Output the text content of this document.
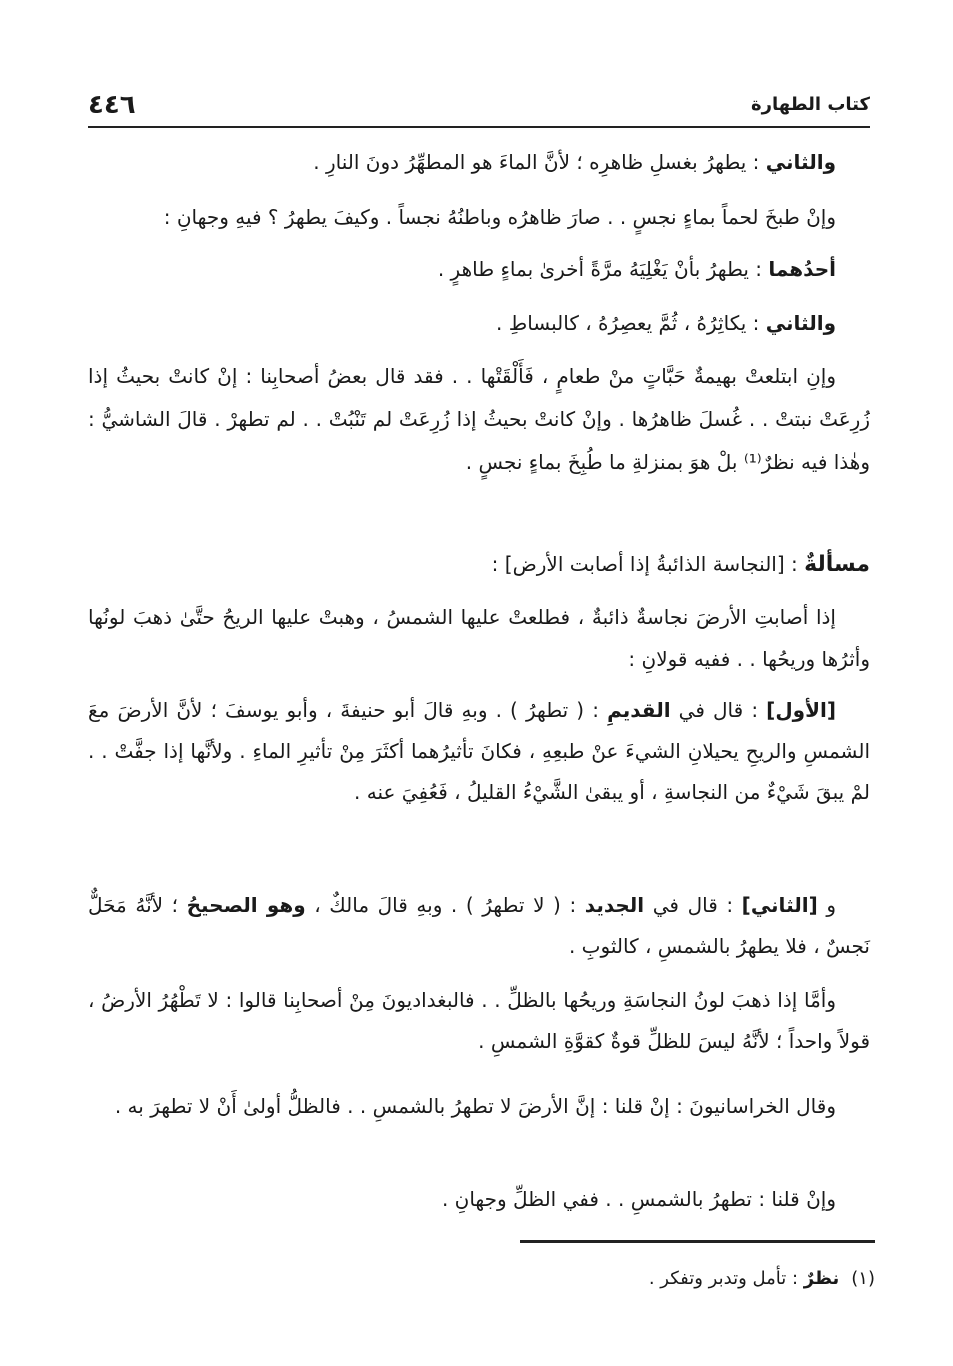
كتاب الطهارة
٤٤٦

والثاني : يطهرُ بغسلِ ظاهرِه ؛ لأنَّ الماءَ هو المطهِّرُ دونَ النارِ .

وإنْ طبخَ لحماً بماءٍ نجسٍ . . صارَ ظاهرُه وباطنُهُ نجساً . وكيفَ يطهرُ ؟ فيهِ وجهانِ :

أحدُهما : يطهرُ بأنْ يَغْلِيَهُ مرَّةً أخرىٰ بماءٍ طاهرٍ .

والثاني : يكاثِرُهُ ، ثُمَّ يعصِرُهُ ، كالبساطِ .

وإنِ ابتلعتْ بهيمةٌ حَبَّاتٍ منْ طعامٍ ، فَأَلْقَتْها . . فقد قال بعضُ أصحابِنا : إنْ كانتْ بحيثُ إذا زُرِعَتْ نبتتْ . . غُسلَ ظاهرُها . وإنْ كانتْ بحيثُ إذا زُرِعَتْ لم تَنْبُتْ . . لم تطهرْ . قالَ الشاشيُّ : وهٰذا فيه نظرٌ⁽¹⁾ بلْ هوَ بمنزلةِ ما طُبِخَ بماءٍ نجسٍ .

مسألةٌ : [النجاسة الذائبةُ إذا أصابت الأرض] :

إذا أصابتِ الأرضَ نجاسةٌ ذائبةٌ ، فطلعتْ عليها الشمسُ ، وهبتْ عليها الريحُ حتَّىٰ ذهبَ لونُها وأثرُها وريحُها . . ففيه قولانِ :

[الأول] : قال في القديمِ : ( تطهرُ ) . وبهِ قالَ أبو حنيفةَ ، وأبو يوسفَ ؛ لأنَّ الأرضَ معَ الشمسِ والريحِ يحيلانِ الشيءَ عنْ طبعِهِ ، فكانَ تأثيرُهما أكثَرَ مِنْ تأثيرِ الماءِ . ولأنَّها إذا جفَّتْ . . لمْ يبقَ شَيْءٌ من النجاسةِ ، أو يبقىٰ الشَّيْءُ القليلُ ، فَعُفِيَ عنه .

و [الثاني] : قال في الجديد : ( لا تطهرُ ) . وبهِ قالَ مالكٌ ، وهو الصحيحُ ؛ لأنَّهُ مَحَلٌّ نَجسٌ ، فلا يطهرُ بالشمسِ ، كالثوبِ .

وأمَّا إذا ذهبَ لونُ النجاسَةِ وريحُها بالظلِّ . . فالبغداديونَ مِنْ أصحابِنا قالوا : لا تَطْهُرُ الأرضُ ، قولاً واحداً ؛ لأنَّهُ ليسَ للظلِّ قوةٌ كقوَّةِ الشمسِ .

وقال الخراسانيونَ : إنْ قلنا : إنَّ الأرضَ لا تطهرُ بالشمسِ . . فالظلُّ أولىٰ أَنْ لا تطهرَ به .

وإنْ قلنا : تطهرُ بالشمسِ . . ففي الظلِّ وجهانِ .

(١)نظرٌ : تأمل وتدبر وتفكر .
